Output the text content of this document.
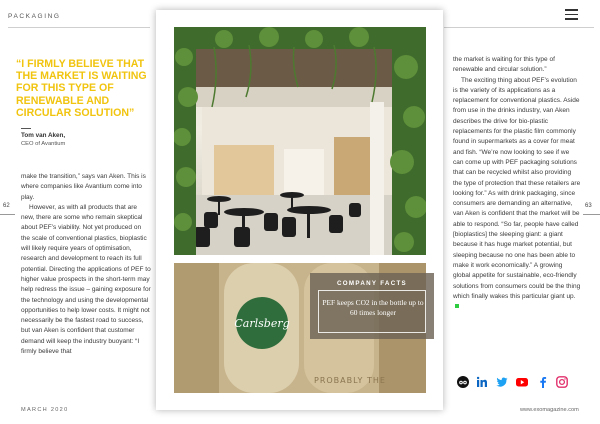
PACKAGING
“I FIRMLY BELIEVE THAT THE MARKET IS WAITING FOR THIS TYPE OF RENEWABLE AND CIRCULAR SOLUTION”
Tom van Aken,
CEO of Avantium

make the transition,” says van Aken. This is where companies like Avantium come into play.

However, as with all products that are new, there are some who remain skeptical about PEF’s viability. Not yet produced on the scale of conventional plastics, bioplastic will likely require years of optimisation, research and development to reach its full potential. Directing the applications of PEF to higher value prospects in the short-term may help redress the issue – gaining exposure for the technology and using the developmental opportunities to help lower costs. It might not necessarily be the fastest road to success, but van Aken is confident that customer demand will keep the industry buoyant: “I firmly believe that

62	63
Carlsberg
PROBABLY THE
COMPANY FACTS
PEF keeps CO2 in the bottle up to 60 times longer

the market is waiting for this type of renewable and circular solution.”

The exciting thing about PEF’s evolution is the variety of its applications as a replacement for conventional plastics. Aside from use in the drinks industry, van Aken describes the drive for bio-plastic replacements for the plastic film commonly found in supermarkets as a cover for meat and fish. “We’re now looking to see if we can come up with PEF packaging solutions that can be recycled whilst also providing the type of protection that these retailers are looking for.” As with drink packaging, since consumers are demanding an alternative, van Aken is confident that the market will be able to respond. “So far, people have called [bioplastics] the sleeping giant: a giant because it has huge market potential, but sleeping because no one has been able to make it work economically.” A growing global appetite for sustainable, eco-friendly solutions from consumers could be the thing which finally wakes this particular giant up.

MARCH 2020	www.exomagazine.com
